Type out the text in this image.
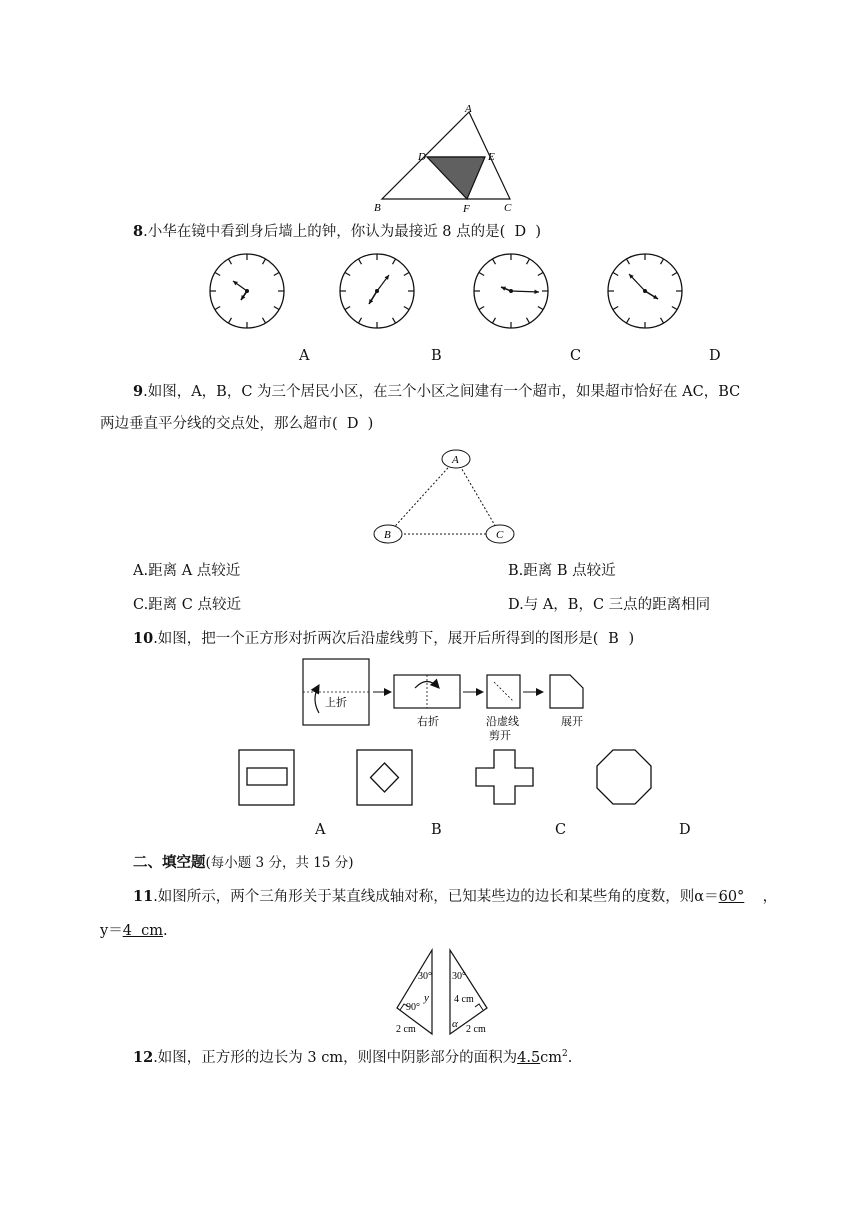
A
B	C
D	E
F
8.小华在镜中看到身后墙上的钟，你认为最接近 8 点的是( D )
A	B	C	D
9.如图，A，B，C 为三个居民小区，在三个小区之间建有一个超市，如果超市恰好在 AC，BC
两边垂直平分线的交点处，那么超市( D )
A
B	C
A.距离 A 点较近	B.距离 B 点较近
C.距离 C 点较近	D.与 A，B，C 三点的距离相同
10.如图，把一个正方形对折两次后沿虚线剪下，展开后所得到的图形是( B )
上折
右折	沿虚线
剪开
展开
A	B	C	D
二、填空题(每小题 3 分，共 15 分)
11.如图所示，两个三角形关于某直线成轴对称，已知某些边的边长和某些角的度数，则α＝60° ，
y＝4  cm.
30°
y
90°
2 cm
30°
4 cm
α 2 cm
12.如图，正方形的边长为 3 cm，则图中阴影部分的面积为$4.5cm^2$.
